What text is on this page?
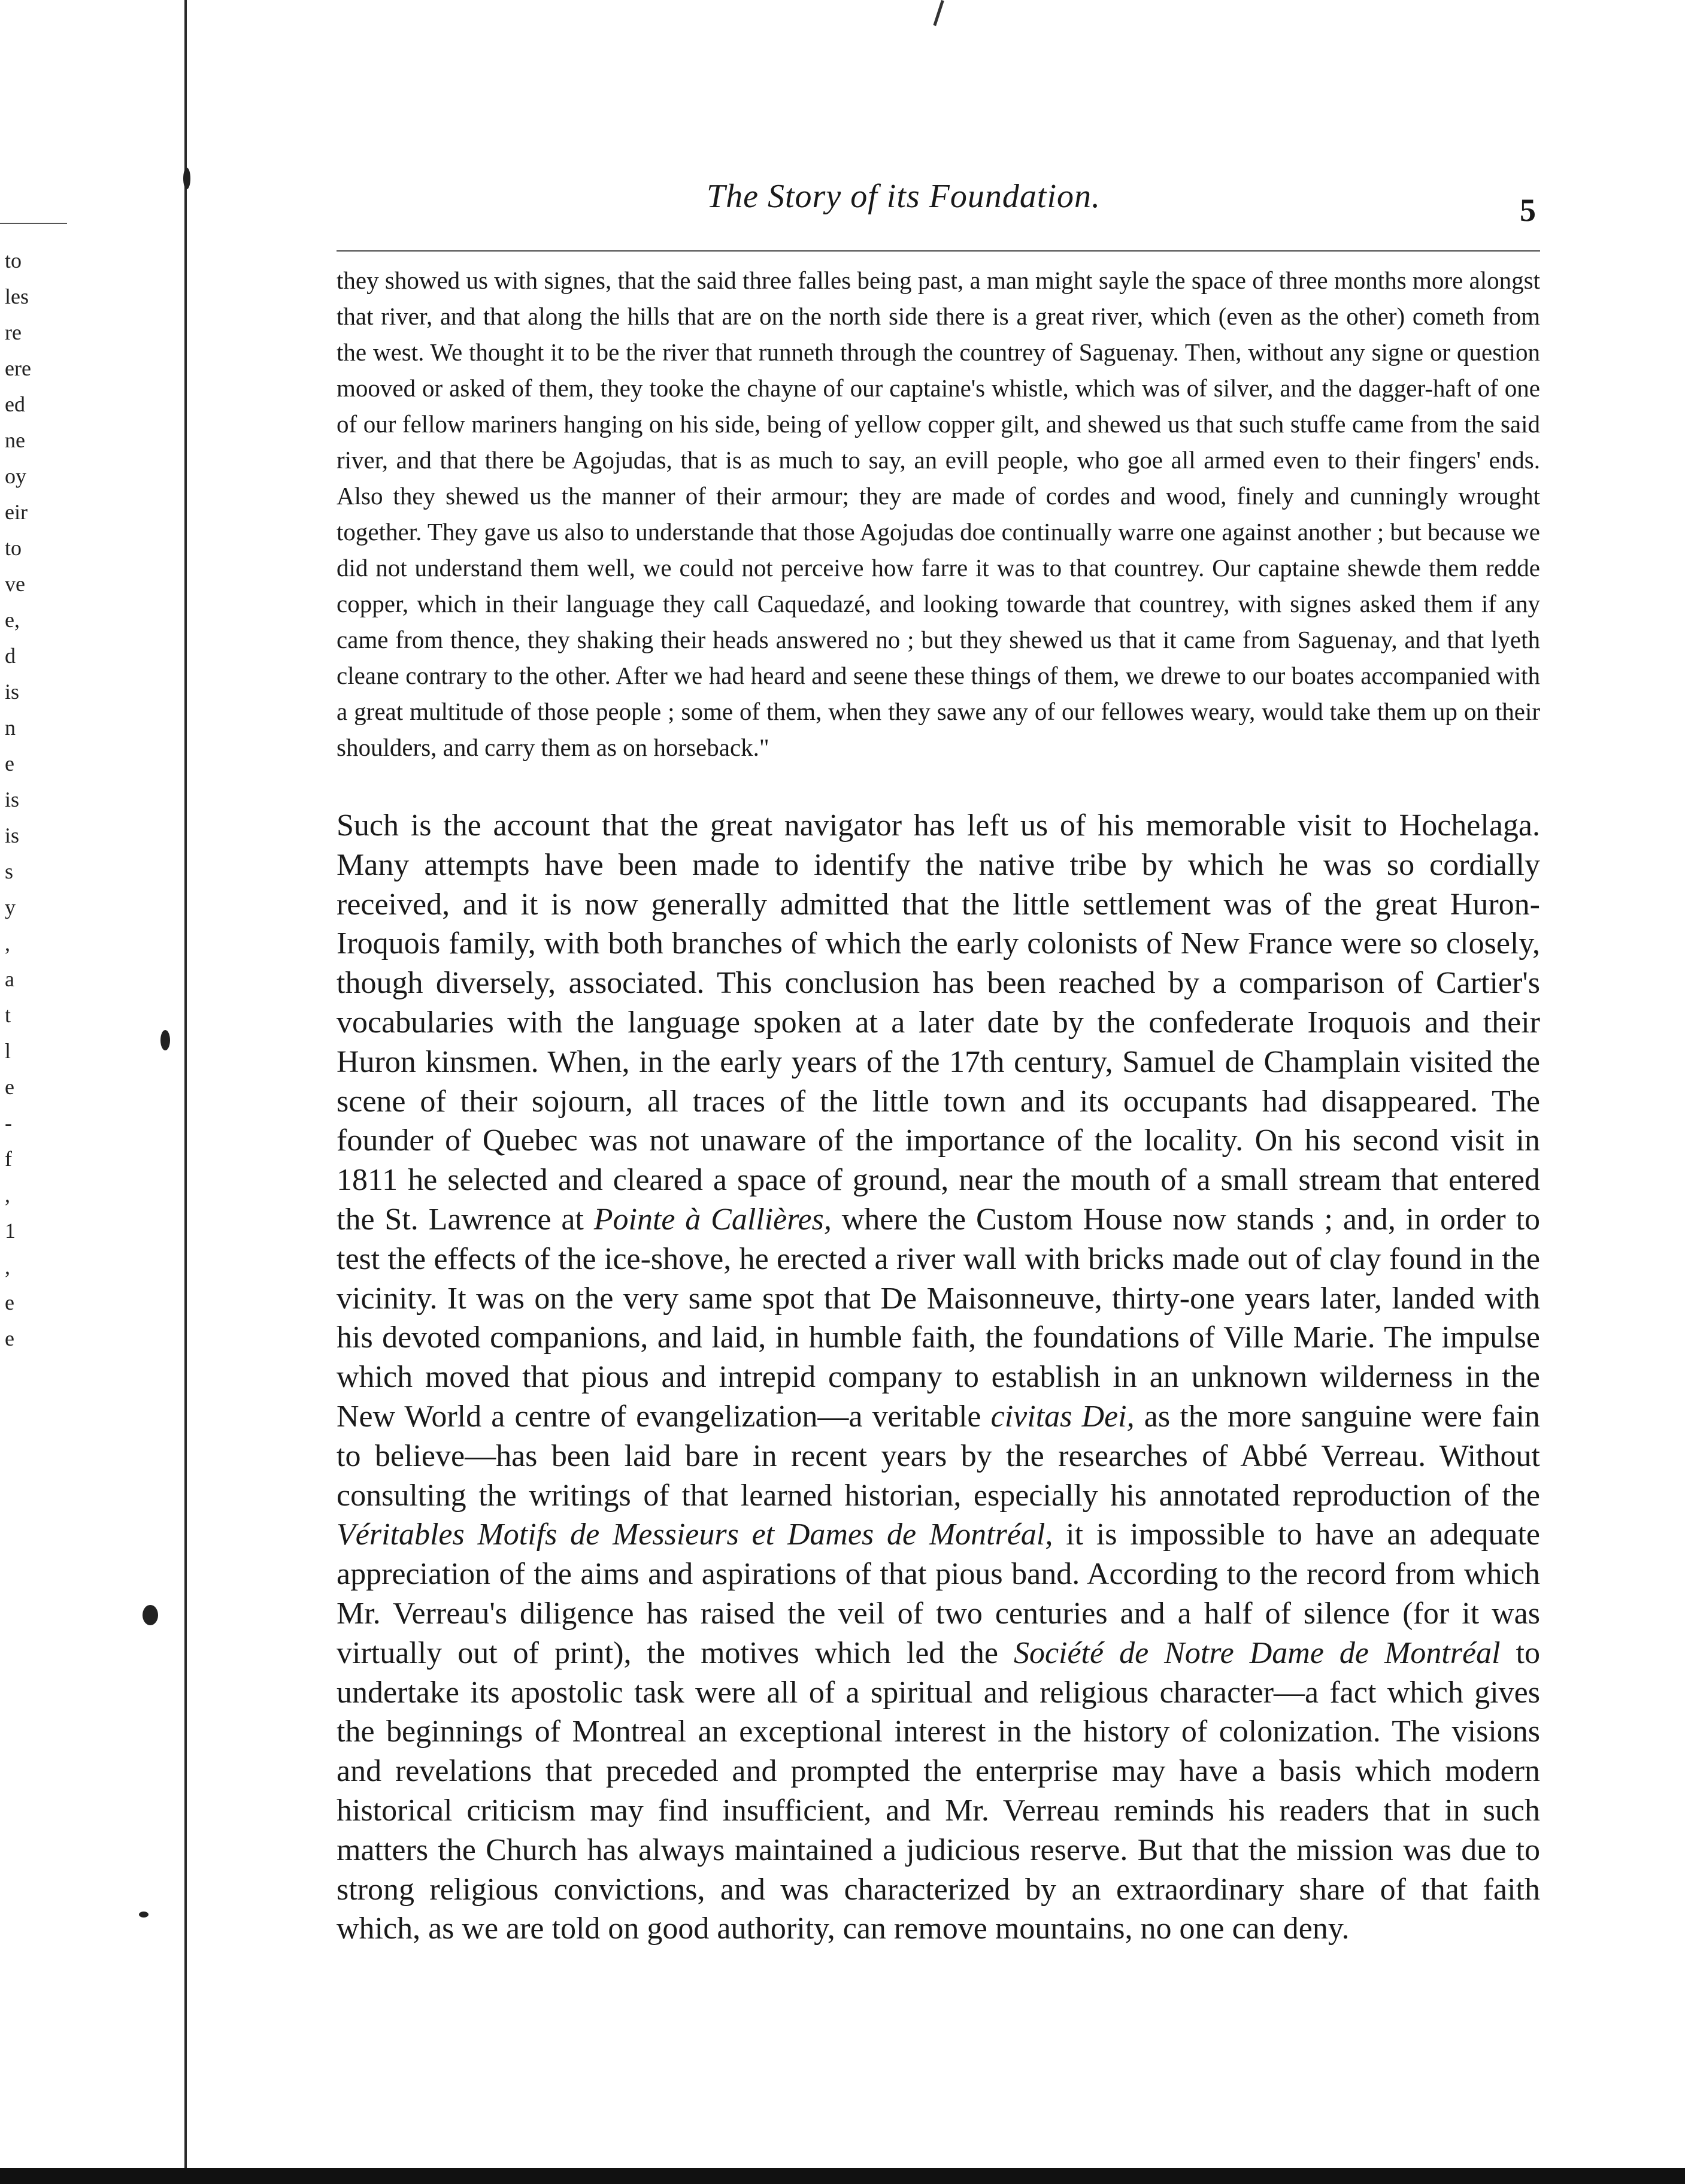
to
les
re
ere
ed
ne
oy
eir
to
ve
e,
d
is
n
e
is
is
s
y
,
a
t
l
e
-
f
,
1
,
e
e
The Story of its Foundation.	5
they showed us with signes, that the said three falles being past, a man might sayle the space of three months more alongst that river, and that along the hills that are on the north side there is a great river, which (even as the other) cometh from the west. We thought it to be the river that runneth through the countrey of Saguenay. Then, without any signe or question mooved or asked of them, they tooke the chayne of our captaine's whistle, which was of silver, and the dagger-haft of one of our fellow mariners hanging on his side, being of yellow copper gilt, and shewed us that such stuffe came from the said river, and that there be Agojudas, that is as much to say, an evill people, who goe all armed even to their fingers' ends. Also they shewed us the manner of their armour; they are made of cordes and wood, finely and cunningly wrought together. They gave us also to understande that those Agojudas doe continually warre one against another ; but because we did not understand them well, we could not perceive how farre it was to that countrey. Our captaine shewde them redde copper, which in their language they call Caquedazé, and looking towarde that countrey, with signes asked them if any came from thence, they shaking their heads answered no ; but they shewed us that it came from Saguenay, and that lyeth cleane contrary to the other. After we had heard and seene these things of them, we drewe to our boates accompanied with a great multitude of those people ; some of them, when they sawe any of our fellowes weary, would take them up on their shoulders, and carry them as on horseback."
Such is the account that the great navigator has left us of his memorable visit to Hochelaga. Many attempts have been made to identify the native tribe by which he was so cordially received, and it is now generally admitted that the little settlement was of the great Huron-Iroquois family, with both branches of which the early colonists of New France were so closely, though diversely, associated. This conclusion has been reached by a comparison of Cartier's vocabularies with the language spoken at a later date by the confederate Iroquois and their Huron kinsmen. When, in the early years of the 17th century, Samuel de Champlain visited the scene of their sojourn, all traces of the little town and its occupants had disappeared. The founder of Quebec was not unaware of the importance of the locality. On his second visit in 1811 he selected and cleared a space of ground, near the mouth of a small stream that entered the St. Lawrence at Pointe à Callières, where the Custom House now stands ; and, in order to test the effects of the ice-shove, he erected a river wall with bricks made out of clay found in the vicinity. It was on the very same spot that De Maisonneuve, thirty-one years later, landed with his devoted companions, and laid, in humble faith, the foundations of Ville Marie. The impulse which moved that pious and intrepid company to establish in an unknown wilderness in the New World a centre of evangelization—a veritable civitas Dei, as the more sanguine were fain to believe—has been laid bare in recent years by the researches of Abbé Verreau. Without consulting the writings of that learned historian, especially his annotated reproduction of the Véritables Motifs de Messieurs et Dames de Montréal, it is impossible to have an adequate appreciation of the aims and aspirations of that pious band. According to the record from which Mr. Verreau's diligence has raised the veil of two centuries and a half of silence (for it was virtually out of print), the motives which led the Société de Notre Dame de Montréal to undertake its apostolic task were all of a spiritual and religious character—a fact which gives the beginnings of Montreal an exceptional interest in the history of colonization. The visions and revelations that preceded and prompted the enterprise may have a basis which modern historical criticism may find insufficient, and Mr. Verreau reminds his readers that in such matters the Church has always maintained a judicious reserve. But that the mission was due to strong religious convictions, and was characterized by an extraordinary share of that faith which, as we are told on good authority, can remove mountains, no one can deny.
